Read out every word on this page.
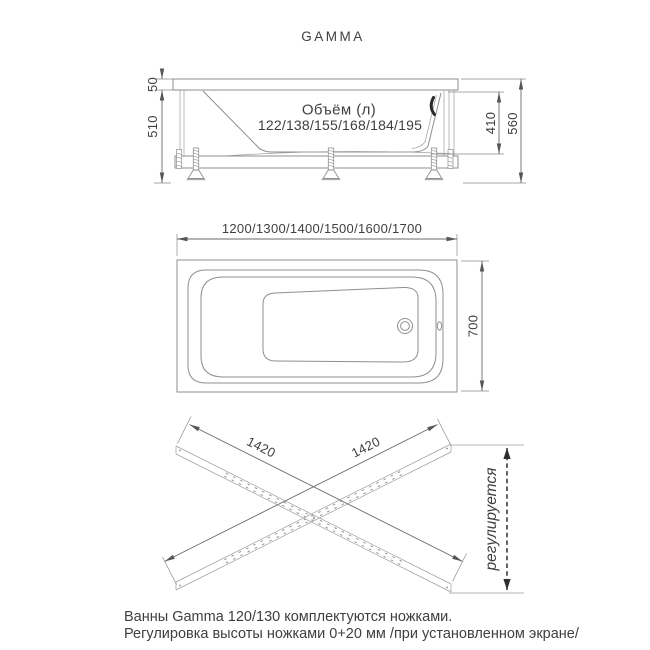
GAMMA
50
510	410 560
Объём (л)
122/138/155/168/184/195
1200/1300/1400/1500/1600/1700
700
1420	1420
регулируется
Ванны Gamma 120/130 комплектуются ножками.
Регулировка высоты ножками 0+20 мм /при установленном экране/
